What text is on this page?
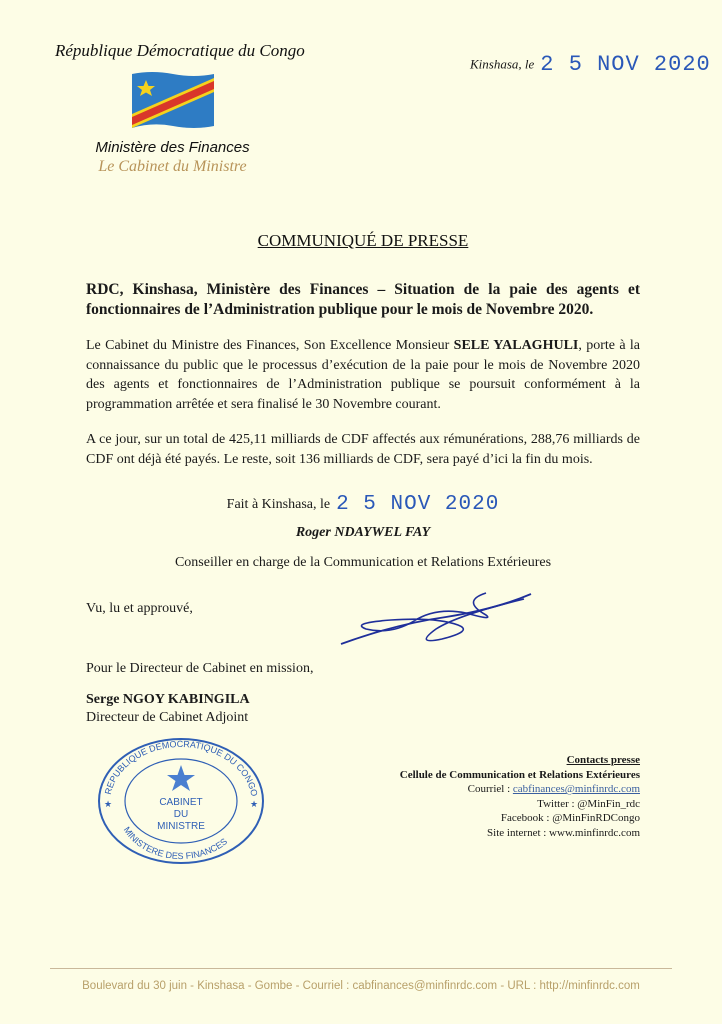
République Démocratique du Congo
Ministère des Finances
Le Cabinet du Ministre
Kinshasa, le 2 5 NOV 2020
COMMUNIQUÉ DE PRESSE
RDC, Kinshasa, Ministère des Finances – Situation de la paie des agents et fonctionnaires de l’Administration publique pour le mois de Novembre 2020.
Le Cabinet du Ministre des Finances, Son Excellence Monsieur SELE YALAGHULI, porte à la connaissance du public que le processus d’exécution de la paie pour le mois de Novembre 2020 des agents et fonctionnaires de l’Administration publique se poursuit conformément à la programmation arrêtée et sera finalisé le 30 Novembre courant.
A ce jour, sur un total de 425,11 milliards de CDF affectés aux rémunérations, 288,76 milliards de CDF ont déjà été payés. Le reste, soit 136 milliards de CDF, sera payé d’ici la fin du mois.
Fait à Kinshasa, le 2 5 NOV 2020
Roger NDAYWEL FAY
Conseiller en charge de la Communication et Relations Extérieures
Vu, lu et approuvé,
Pour le Directeur de Cabinet en mission,
Serge NGOY KABINGILA
Directeur de Cabinet Adjoint
REPUBLIQUE DEMOCRATIQUE DU CONGO
MINISTERE DES FINANCES
CABINET
DU
MINISTRE
★	★
Contacts presse
Cellule de Communication et Relations Extérieures
Courriel : cabfinances@minfinrdc.com
Twitter : @MinFin_rdc
Facebook : @MinFinRDCongo
Site internet : www.minfinrdc.com
Boulevard du 30 juin - Kinshasa - Gombe - Courriel : cabfinances@minfinrdc.com - URL : http://minfinrdc.com
